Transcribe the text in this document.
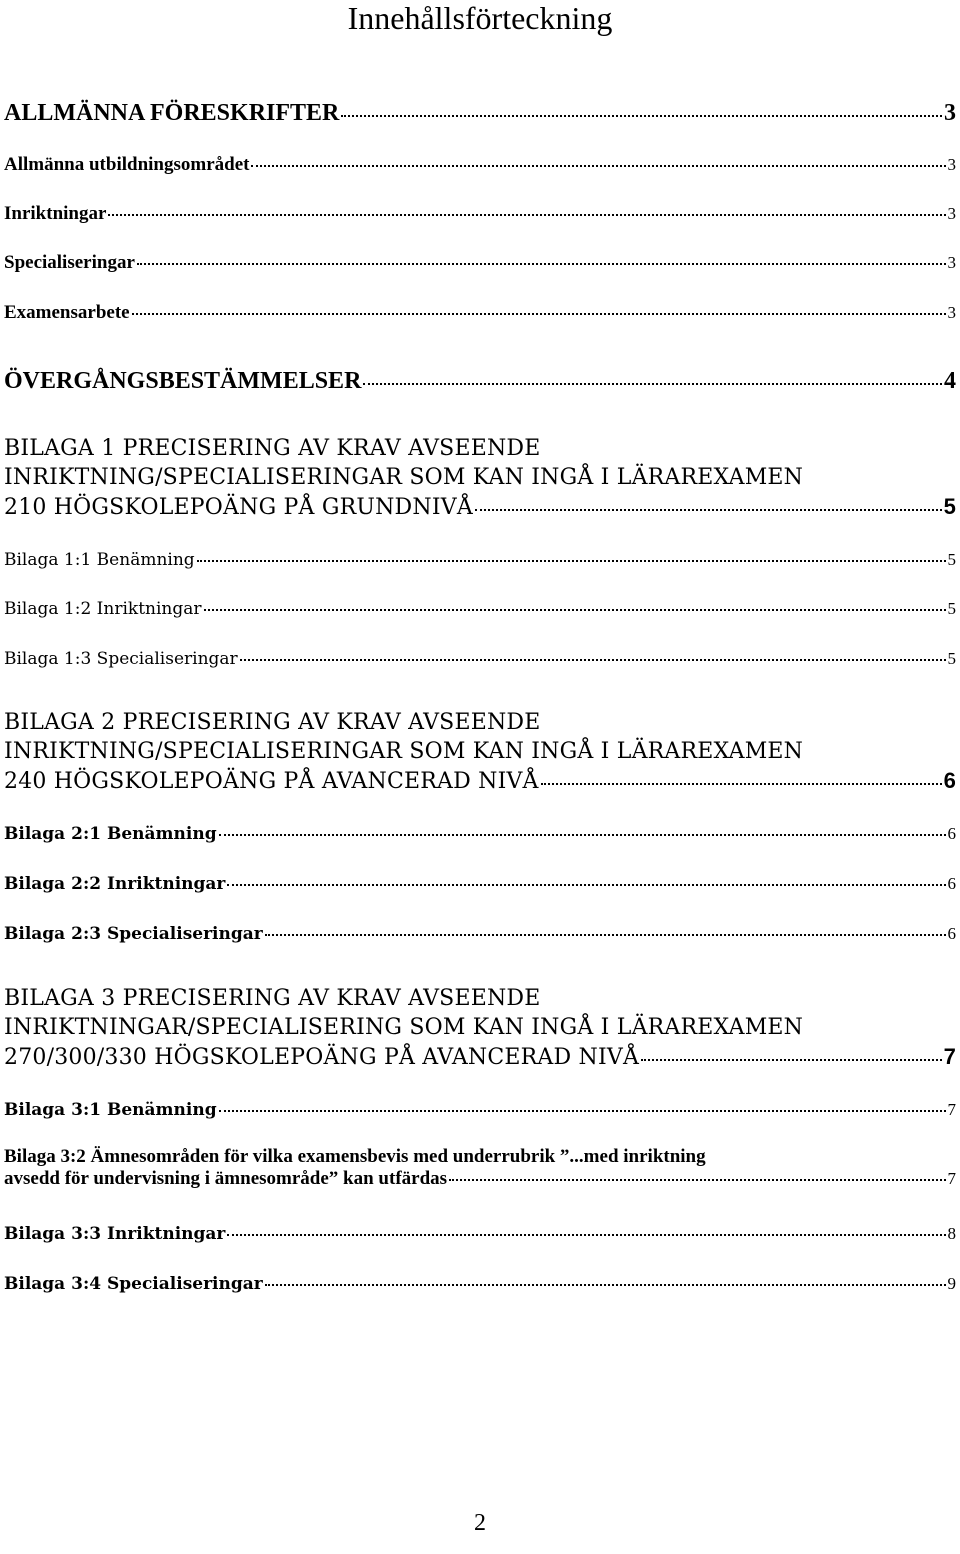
Innehållsförteckning
ALLMÄNNA FÖRESKRIFTER	3
Allmänna utbildningsområdet	3
Inriktningar	3
Specialiseringar	3
Examensarbete	3
ÖVERGÅNGSBESTÄMMELSER	4
BILAGA 1 PRECISERING AV KRAV AVSEENDE
INRIKTNING/SPECIALISERINGAR SOM KAN INGÅ I LÄRAREXAMEN
210 HÖGSKOLEPOÄNG PÅ GRUNDNIVÅ	5
Bilaga 1:1 Benämning	5
Bilaga 1:2 Inriktningar	5
Bilaga 1:3 Specialiseringar	5
BILAGA 2 PRECISERING AV KRAV AVSEENDE
INRIKTNING/SPECIALISERINGAR SOM KAN INGÅ I LÄRAREXAMEN
240 HÖGSKOLEPOÄNG PÅ AVANCERAD NIVÅ	6
Bilaga 2:1 Benämning	6
Bilaga 2:2 Inriktningar	6
Bilaga 2:3 Specialiseringar	6
BILAGA 3 PRECISERING AV KRAV AVSEENDE
INRIKTNINGAR/SPECIALISERING SOM KAN INGÅ I LÄRAREXAMEN
270/300/330 HÖGSKOLEPOÄNG PÅ AVANCERAD NIVÅ	7
Bilaga 3:1 Benämning	7
Bilaga 3:2 Ämnesområden för vilka examensbevis med underrubrik ”...med inriktning
avsedd för undervisning i ämnesområde” kan utfärdas	7
Bilaga 3:3 Inriktningar	8
Bilaga 3:4 Specialiseringar	9
2
